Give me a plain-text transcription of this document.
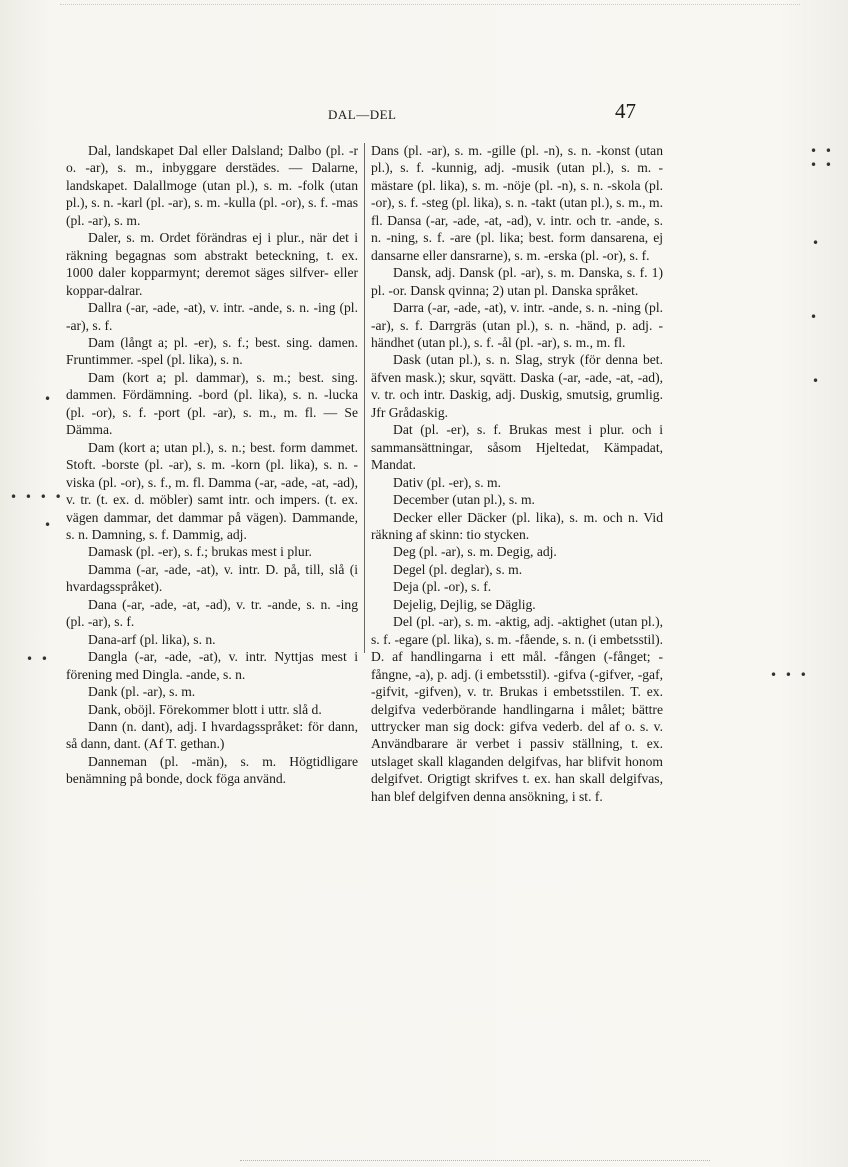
DAL—DEL	47

Dal, landskapet Dal eller Dalsland; Dalbo (pl. -r o. -ar), s. m., inbyggare derstädes. — Dalarne, landskapet. Dalallmoge (utan pl.), s. m. -folk (utan pl.), s. n. -karl (pl. -ar), s. m. -kulla (pl. -or), s. f. -mas (pl. -ar), s. m.

Daler, s. m. Ordet förändras ej i plur., när det i räkning begagnas som abstrakt beteckning, t. ex. 1000 daler kopparmynt; deremot säges silfver- eller koppar-dalrar.

Dallra (-ar, -ade, -at), v. intr. -ande, s. n. -ing (pl. -ar), s. f.

Dam (långt a; pl. -er), s. f.; best. sing. damen. Fruntimmer. -spel (pl. lika), s. n.

Dam (kort a; pl. dammar), s. m.; best. sing. dammen. Fördämning. -bord (pl. lika), s. n. -lucka (pl. -or), s. f. -port (pl. -ar), s. m., m. fl. — Se Dämma.

Dam (kort a; utan pl.), s. n.; best. form dammet. Stoft. -borste (pl. -ar), s. m. -korn (pl. lika), s. n. -viska (pl. -or), s. f., m. fl. Damma (-ar, -ade, -at, -ad), v. tr. (t. ex. d. möbler) samt intr. och impers. (t. ex. vägen dammar, det dammar på vägen). Dammande, s. n. Damning, s. f. Dammig, adj.

Damask (pl. -er), s. f.; brukas mest i plur.

Damma (-ar, -ade, -at), v. intr. D. på, till, slå (i hvardagsspråket).

Dana (-ar, -ade, -at, -ad), v. tr. -ande, s. n. -ing (pl. -ar), s. f.

Dana-arf (pl. lika), s. n.

Dangla (-ar, -ade, -at), v. intr. Nyttjas mest i förening med Dingla. -ande, s. n.

Dank (pl. -ar), s. m.

Dank, oböjl. Förekommer blott i uttr. slå d.

Dann (n. dant), adj. I hvardagsspråket: för dann, så dann, dant. (Af T. gethan.)

Danneman (pl. -män), s. m. Högtidligare benämning på bonde, dock föga använd.

Dans (pl. -ar), s. m. -gille (pl. -n), s. n. -konst (utan pl.), s. f. -kunnig, adj. -musik (utan pl.), s. m. -mästare (pl. lika), s. m. -nöje (pl. -n), s. n. -skola (pl. -or), s. f. -steg (pl. lika), s. n. -takt (utan pl.), s. m., m. fl. Dansa (-ar, -ade, -at, -ad), v. intr. och tr. -ande, s. n. -ning, s. f. -are (pl. lika; best. form dansarena, ej dansarne eller dansrarne), s. m. -erska (pl. -or), s. f.

Dansk, adj. Dansk (pl. -ar), s. m. Danska, s. f. 1) pl. -or. Dansk qvinna; 2) utan pl. Danska språket.

Darra (-ar, -ade, -at), v. intr. -ande, s. n. -ning (pl. -ar), s. f. Darrgräs (utan pl.), s. n. -händ, p. adj. -händhet (utan pl.), s. f. -ål (pl. -ar), s. m., m. fl.

Dask (utan pl.), s. n. Slag, stryk (för denna bet. äfven mask.); skur, sqvätt. Daska (-ar, -ade, -at, -ad), v. tr. och intr. Daskig, adj. Duskig, smutsig, grumlig. Jfr Grådaskig.

Dat (pl. -er), s. f. Brukas mest i plur. och i sammansättningar, såsom Hjeltedat, Kämpadat, Mandat.

Dativ (pl. -er), s. m.

December (utan pl.), s. m.

Decker eller Däcker (pl. lika), s. m. och n. Vid räkning af skinn: tio stycken.

Deg (pl. -ar), s. m. Degig, adj.

Degel (pl. deglar), s. m.

Deja (pl. -or), s. f.

Dejelig, Dejlig, se Däglig.

Del (pl. -ar), s. m. -aktig, adj. -aktighet (utan pl.), s. f. -egare (pl. lika), s. m. -fående, s. n. (i embetsstil). D. af handlingarna i ett mål. -fången (-fånget; -fångne, -a), p. adj. (i embetsstil). -gifva (-gifver, -gaf, -gifvit, -gifven), v. tr. Brukas i embetsstilen. T. ex. delgifva vederbörande handlingarna i målet; bättre uttrycker man sig dock: gifva vederb. del af o. s. v. Användbarare är verbet i passiv ställning, t. ex. utslaget skall klaganden delgifvas, har blifvit honom delgifvet. Origtigt skrifves t. ex. han skall delgifvas, han blef delgifven denna ansökning, i st. f.

•
• • • •
•
• •
• • • •
•
•
•
• • •
